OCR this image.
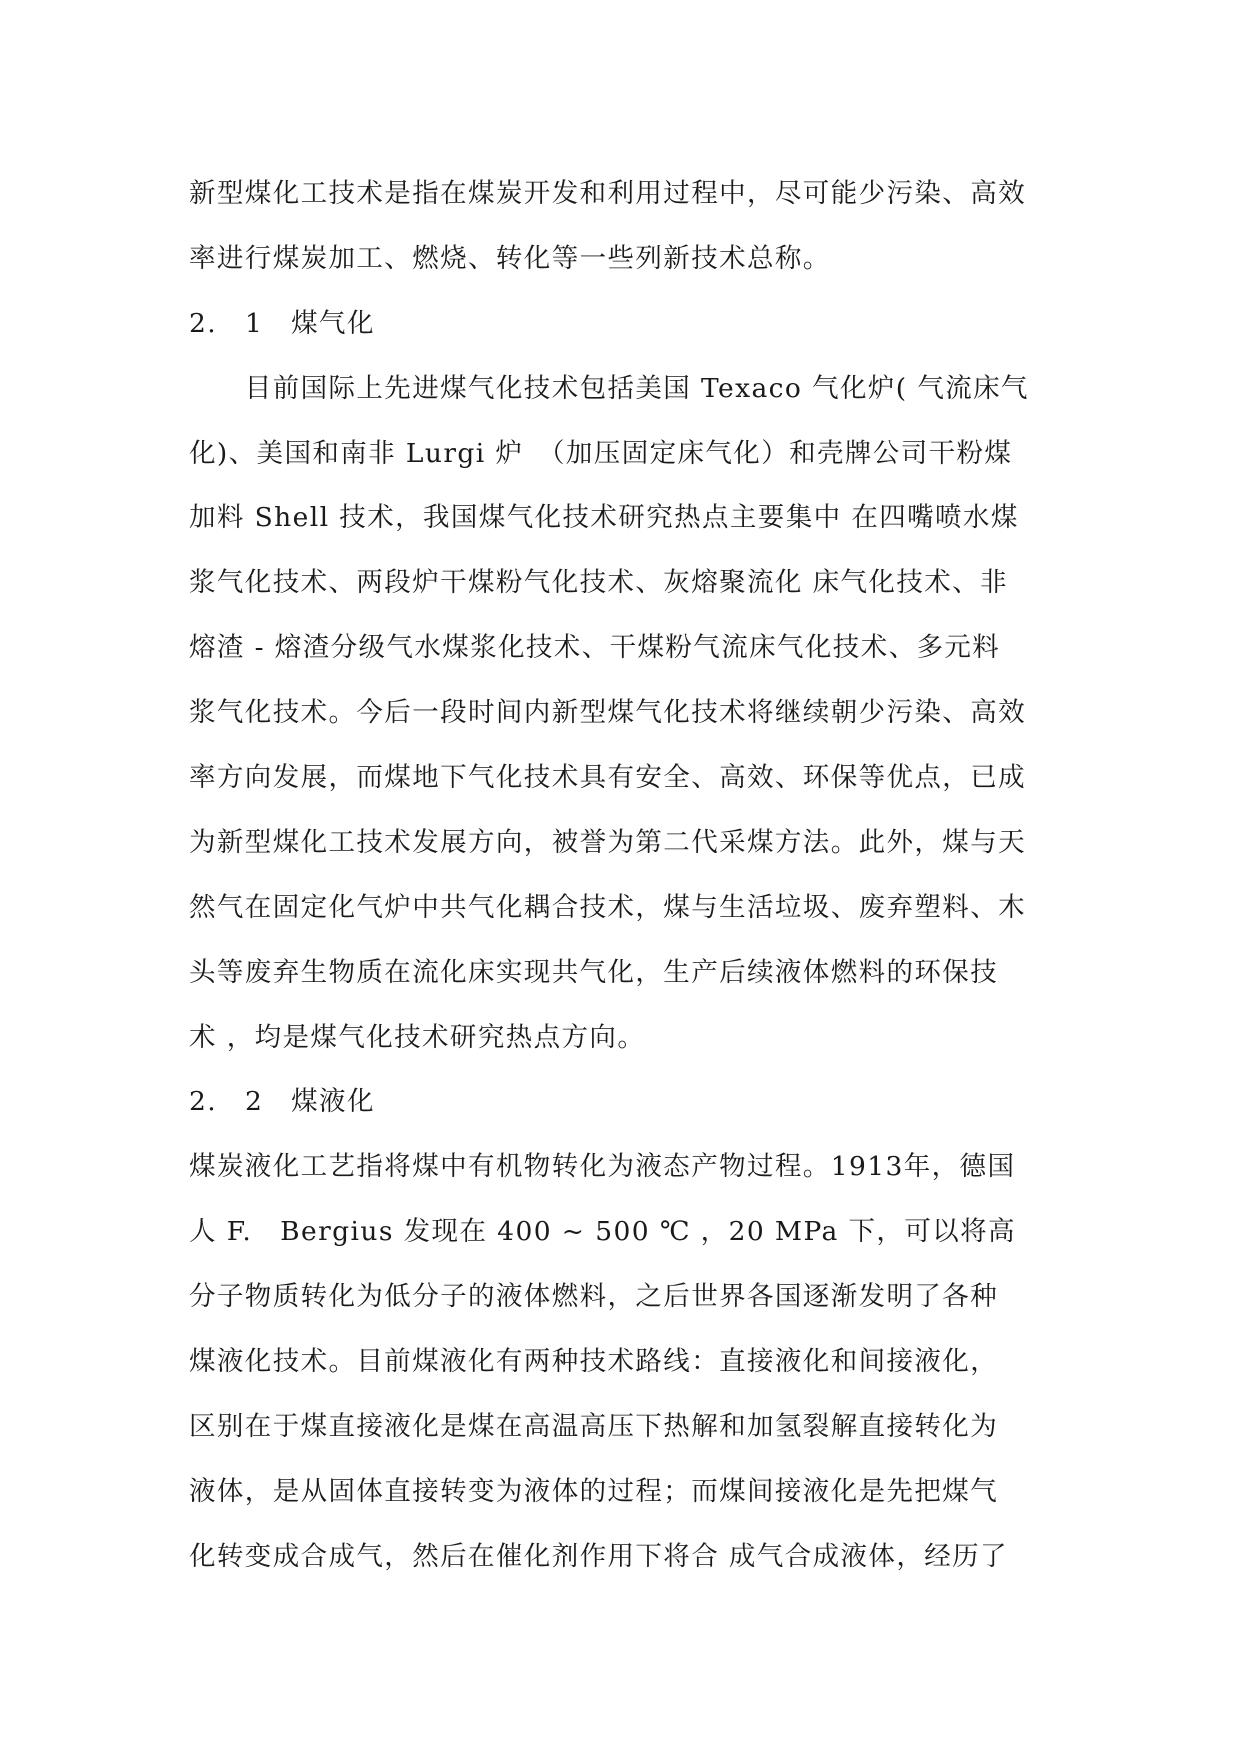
新型煤化工技术是指在煤炭开发和利用过程中，尽可能少污染、高效
率进行煤炭加工、燃烧、转化等一些列新技术总称。
2.　1　煤气化
　　目前国际上先进煤气化技术包括美国 Texaco 气化炉( 气流床气
化)、美国和南非 Lurgi 炉　（加压固定床气化）和壳牌公司干粉煤
加料 Shell 技术，我国煤气化技术研究热点主要集中 在四嘴喷水煤
浆气化技术、两段炉干煤粉气化技术、灰熔聚流化 床气化技术、非
熔渣 - 熔渣分级气水煤浆化技术、干煤粉气流床气化技术、多元料
浆气化技术。今后一段时间内新型煤气化技术将继续朝少污染、高效
率方向发展，而煤地下气化技术具有安全、高效、环保等优点，已成
为新型煤化工技术发展方向，被誉为第二代采煤方法。此外，煤与天
然气在固定化气炉中共气化耦合技术，煤与生活垃圾、废弃塑料、木
头等废弃生物质在流化床实现共气化，生产后续液体燃料的环保技
术 ，均是煤气化技术研究热点方向。
2.　2　煤液化
煤炭液化工艺指将煤中有机物转化为液态产物过程。1913年，德国
人 F.　Bergius 发现在 400 ~ 500 ℃ ，20 MPa 下，可以将高
分子物质转化为低分子的液体燃料，之后世界各国逐渐发明了各种
煤液化技术。目前煤液化有两种技术路线：直接液化和间接液化，
区别在于煤直接液化是煤在高温高压下热解和加氢裂解直接转化为
液体，是从固体直接转变为液体的过程；而煤间接液化是先把煤气
化转变成合成气，然后在催化剂作用下将合 成气合成液体，经历了
